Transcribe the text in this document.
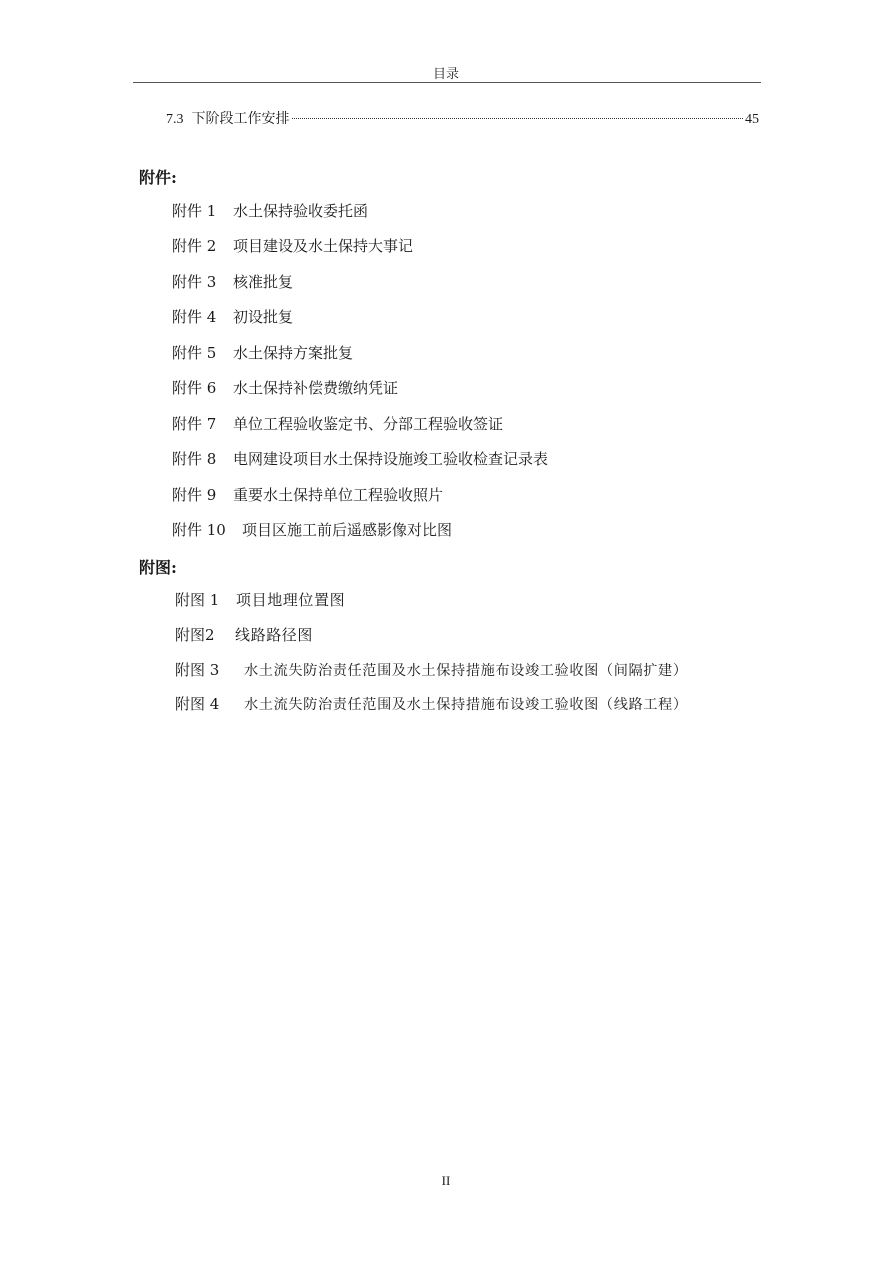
目录
7.3 下阶段工作安排	45
附件:
附件 1 水土保持验收委托函
附件 2 项目建设及水土保持大事记
附件 3 核准批复
附件 4 初设批复
附件 5 水土保持方案批复
附件 6 水土保持补偿费缴纳凭证
附件 7 单位工程验收鉴定书、分部工程验收签证
附件 8 电网建设项目水土保持设施竣工验收检查记录表
附件 9 重要水土保持单位工程验收照片
附件 10 项目区施工前后遥感影像对比图
附图:
附图 1 项目地理位置图
附图2 线路路径图
附图 3 水土流失防治责任范围及水土保持措施布设竣工验收图（间隔扩建）
附图 4 水土流失防治责任范围及水土保持措施布设竣工验收图（线路工程）
II
